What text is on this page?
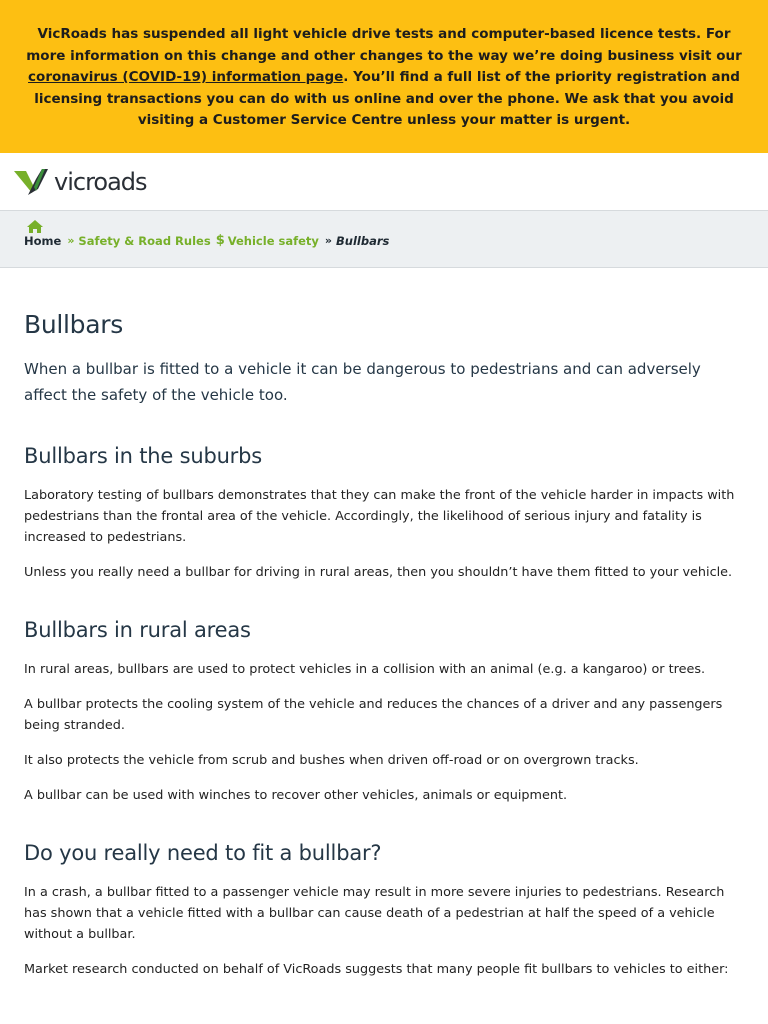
VicRoads has suspended all light vehicle drive tests and computer-based licence tests. For more information on this change and other changes to the way we’re doing business visit our
coronavirus (COVID-19) information page. You’ll find a full list of the priority registration and licensing transactions you can do with us online and over the phone. We ask that you avoid visiting a Customer Service Centre unless your matter is urgent.
vicroads
Home » Safety & Road Rules $ Vehicle safety » Bullbars
Bullbars

When a bullbar is fitted to a vehicle it can be dangerous to pedestrians and can adversely affect the safety of the vehicle too.

Bullbars in the suburbs

Laboratory testing of bullbars demonstrates that they can make the front of the vehicle harder in impacts with pedestrians than the frontal area of the vehicle. Accordingly, the likelihood of serious injury and fatality is increased to pedestrians.

Unless you really need a bullbar for driving in rural areas, then you shouldn’t have them fitted to your vehicle.

Bullbars in rural areas

In rural areas, bullbars are used to protect vehicles in a collision with an animal (e.g. a kangaroo) or trees.

A bullbar protects the cooling system of the vehicle and reduces the chances of a driver and any passengers being stranded.

It also protects the vehicle from scrub and bushes when driven off-road or on overgrown tracks.

A bullbar can be used with winches to recover other vehicles, animals or equipment.

Do you really need to fit a bullbar?

In a crash, a bullbar fitted to a passenger vehicle may result in more severe injuries to pedestrians. Research has shown that a vehicle fitted with a bullbar can cause death of a pedestrian at half the speed of a vehicle without a bullbar.

Market research conducted on behalf of VicRoads suggests that many people fit bullbars to vehicles to either:
